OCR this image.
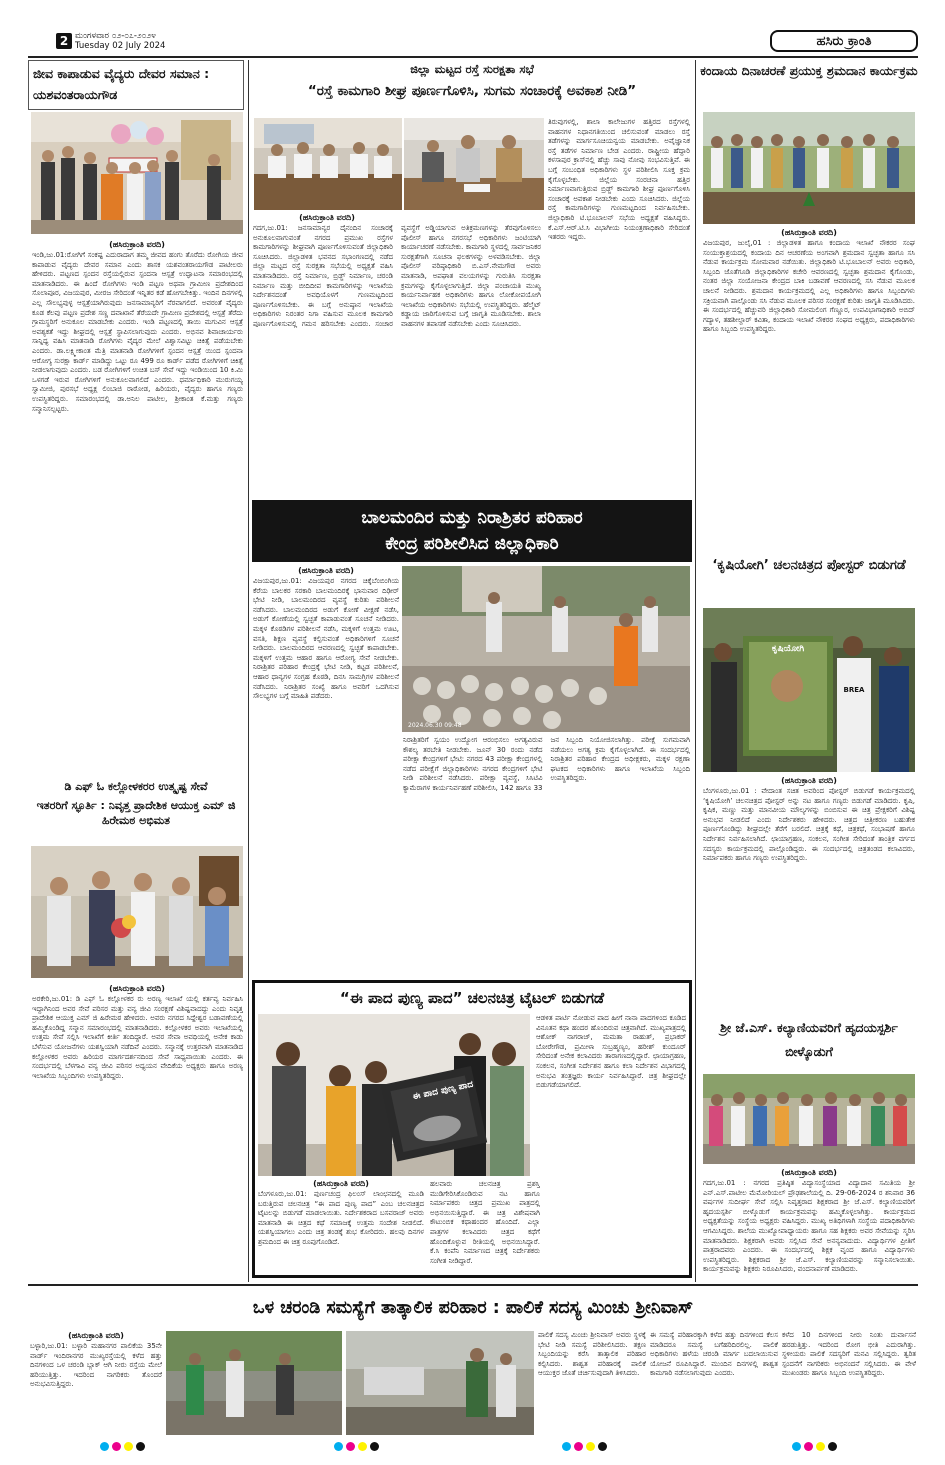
2 ಮಂಗಳವಾರ ೦೨-೦೭-೨೦೨೪
Tuesday 02 July 2024	ಹಸಿರು ಕ್ರಾಂತಿ
ಜೀವ ಕಾಪಾಡುವ ವೈದ್ಯರು ದೇವರ ಸಮಾನ : ಯಶವಂತರಾಯಗೌಡ
(ಹಸಿರುಕ್ರಾಂತಿ ವರದಿ)
ಇಂಡಿ,ಜು.01:ರೋಗಿಗೆ ಸಂಕಷ್ಟ ಎದುರಾದಾಗ ತಮ್ಮ ಜೀವದ ಹಂಗು ತೊರೆದು ರೋಗಿಯ ಜೀವ ಕಾಪಾಡುವ ವೈದ್ಯರು ದೇವರ ಸಮಾನ ಎಂದು ಶಾಸಕ ಯಶವಂತರಾಯಗೌಡ ಪಾಟೀಲರು ಹೇಳಿದರು. ಪಟ್ಟಣದ ಸ್ಪಂದನ ರಸ್ತೆಯಲ್ಲಿರುವ ಸ್ಪಂದನಾ ಆಸ್ಪತ್ರೆ ಉದ್ಘಾಟನಾ ಸಮಾರಂಭದಲ್ಲಿ ಮಾತನಾಡಿದರು. ಈ ಹಿಂದೆ ರೋಗಿಗಳು ಇಂಡಿ ಪಟ್ಟಣ ಅಥವಾ ಗ್ರಾಮೀಣ ಪ್ರದೇಶದಿಂದ ಸೊಲಾಪೂರ, ವಿಜಯಪುರ, ಮೀರಜ ಸೇರಿದಂತೆ ಇನ್ನಿತರ ಕಡೆ ಹೋಗಬೇಕಿತ್ತು. ಇಂದಿನ ದಿನಗಳಲ್ಲಿ ಎಲ್ಲ ಸೌಲಭ್ಯವುಳ್ಳ ಆಸ್ಪತ್ರೆಯಾಗಿರುವುದು ಜನಸಾಮಾನ್ಯರಿಗೆ ನೆರವಾಗಲಿದೆ. ಅವರಂತೆ ವೈದ್ಯರು ಕೂಡ ಕೆಲವು ಪಟ್ಟಣ ಪ್ರದೇಶ ಸಣ್ಣ ದವಾಖಾನೆ ತೆರೆಯದೇ ಗ್ರಾಮೀಣ ಪ್ರದೇಶದಲ್ಲಿ ಆಸ್ಪತ್ರೆ ತೆರೆದು ಗ್ರಾಮಸ್ಥರಿಗೆ ಅನುಕೂಲ ಮಾಡಬೇಕು ಎಂದರು. ಇಂಡಿ ಪಟ್ಟಣದಲ್ಲಿ ತಾಯಿ ಮಗುವಿನ ಆಸ್ಪತ್ರೆ ಅವಶ್ಯಕತೆ ಇದ್ದು ಶೀಘ್ರದಲ್ಲಿ ಆಸ್ಪತ್ರೆ ಸ್ಥಾಪಿಸಲಾಗುವುದು ಎಂದರು. ಅಭಿನವ ಶಿವಾಚಾರ್ಯರು ಸಾನ್ನಿಧ್ಯ ವಹಿಸಿ ಮಾತನಾಡಿ ರೋಗಿಗಳು ವೈದ್ಯರ ಮೇಲೆ ವಿಶ್ವಾಸವಿಟ್ಟು ಚಿಕಿತ್ಸೆ ಪಡೆಯಬೇಕು ಎಂದರು. ಡಾ.ಲಕ್ಷ್ಮೀಕಾಂತ ಮೆತ್ರಿ ಮಾತನಾಡಿ ರೋಗಿಗಳಿಗೆ ಸ್ಪಂದನ ಆಸ್ಪತ್ರೆ ಯಿಂದ ಸ್ಪಂದನಾ ಆರೋಗ್ಯ ಸುರಕ್ಷಾ ಕಾರ್ಡ್ ಮಾಡಿದ್ದು ಒಟ್ಟು ರೂ 499 ರೂ ಕಾರ್ಡ್ ಪಡೆದ ರೋಗಿಗಳಿಗೆ ಚಿಕಿತ್ಸೆ ನೀಡಲಾಗುವುದು ಎಂದರು. ಬಡ ರೋಗಿಗಳಿಗೆ ಉಚಿತ ಬಸ್ ಸೇವೆ ಇದ್ದು ಇಂಡಿಯಿಂದ 10 ಕಿ.ಮಿ ಒಳಗಡೆ ಇರುವ ರೋಗಿಗಳಿಗೆ ಅನುಕೂಲವಾಗಲಿದೆ ಎಂದರು. ಧರ್ಮಾಧಿಕಾರಿ ಮುರುಗಯ್ಯ ಸ್ವಾಮೀಜಿ, ಪುರಸಭೆ ಅಧ್ಯಕ್ಷ ಲಿಂಬಾಜಿ ರಾಠೋಡ, ಹಿರಿಯರು, ವೈದ್ಯರು ಹಾಗೂ ಗಣ್ಯರು ಉಪಸ್ಥಿತರಿದ್ದರು. ಸಮಾರಂಭದಲ್ಲಿ ಡಾ.ಅನಿಲ ಪಾಟೀಲ, ಶ್ರೀಕಾಂತ ಕೆ.ಮತ್ತು ಗಣ್ಯರು ಸನ್ಮಾನಿಸಲ್ಪಟ್ಟರು.
ಡಿ ಎಫ್ ಓ ಕಲ್ಲೋಳಕರರ ಉತ್ಕೃಷ್ಟ ಸೇವೆ
ಇತರರಿಗೆ ಸ್ಫೂರ್ತಿ : ನಿವೃತ್ತ ಪ್ರಾದೇಶಿಕ ಆಯುಕ್ತ ಎಮ್ ಜಿ ಹಿರೇಮಠ ಅಭಿಮತ
(ಹಸಿರುಕ್ರಾಂತಿ ವರದಿ)
ಅರಕೇರಿ,ಜು.01: ಡಿ ಎಫ್ ಓ ಕಲ್ಲೋಳಕರ ರು ಅರಣ್ಯ ಇಲಾಖೆ ಯಲ್ಲಿ ಕರ್ತವ್ಯ ನಿರ್ವಹಿಸಿ ಇದ್ದಾಗಿನಿಂದ ಅವರ ಸೇವೆ ಪರಿಸರ ಮತ್ತು ವನ್ಯ ಜೀವಿ ಸಂರಕ್ಷಣೆ ವಿಶಿಷ್ಟವಾದದ್ದು ಎಂದು ನಿವೃತ್ತ ಪ್ರಾದೇಶಿಕ ಆಯುಕ್ತ ಎಮ್ ಜಿ ಹಿರೇಮಠ ಹೇಳಿದರು. ಅವರು ನಗರದ ಸಿದ್ದೇಶ್ವರ ಬಡಾವಣೆಯಲ್ಲಿ ಹಮ್ಮಿಕೊಂಡಿದ್ದ ಸನ್ಮಾನ ಸಮಾರಂಭದಲ್ಲಿ ಮಾತನಾಡಿದರು. ಕಲ್ಲೋಳಕರ ಅವರು ಇಲಾಖೆಯಲ್ಲಿ ಉತ್ತಮ ಸೇವೆ ಸಲ್ಲಿಸಿ ಇಲಾಖೆಗೆ ಕೀರ್ತಿ ತಂದಿದ್ದಾರೆ. ಅವರ ಸೇವಾ ಅವಧಿಯಲ್ಲಿ ಅನೇಕ ಕಾಡು ಬೆಳೆಸುವ ಯೋಜನೆಗಳು ಯಶಸ್ವಿಯಾಗಿ ನಡೆದಿವೆ ಎಂದರು. ಸನ್ಮಾನಕ್ಕೆ ಉತ್ತರವಾಗಿ ಮಾತನಾಡಿದ ಕಲ್ಲೋಳಕರ ಅವರು ಹಿರಿಯರ ಮಾರ್ಗದರ್ಶನದಿಂದ ಸೇವೆ ಸಾಧ್ಯವಾಯಿತು ಎಂದರು. ಈ ಸಂದರ್ಭದಲ್ಲಿ ಬೆಳಗಾವಿ ವನ್ಯ ಜೀವಿ ಪರಿಸರ ಅಧ್ಯಯನ ವೇದಿಕೆಯ ಅಧ್ಯಕ್ಷರು ಹಾಗೂ ಅರಣ್ಯ ಇಲಾಖೆಯ ಸಿಬ್ಬಂದಿಗಳು ಉಪಸ್ಥಿತರಿದ್ದರು.
ಜಿಲ್ಲಾ ಮಟ್ಟದ ರಸ್ತೆ ಸುರಕ್ಷತಾ ಸಭೆ
“ರಸ್ತೆ ಕಾಮಗಾರಿ ಶೀಘ್ರ ಪೂರ್ಣಗೊಳಿಸಿ, ಸುಗಮ ಸಂಚಾರಕ್ಕೆ ಅವಕಾಶ ನೀಡಿ”
(ಹಸಿರುಕ್ರಾಂತಿ ವರದಿ)
ಗದಗ,ಜು.01: ಜನಸಾಮಾನ್ಯರ ದೈನಂದಿನ ಸಂಚಾರಕ್ಕೆ ಅನುಕೂಲವಾಗುವಂತೆ ನಗರದ ಪ್ರಮುಖ ರಸ್ತೆಗಳ ಕಾಮಗಾರಿಗಳನ್ನು ಶೀಘ್ರವಾಗಿ ಪೂರ್ಣಗೊಳಿಸುವಂತೆ ಜಿಲ್ಲಾಧಿಕಾರಿ ಸೂಚಿಸಿದರು. ಜಿಲ್ಲಾಡಳಿತ ಭವನದ ಸಭಾಂಗಣದಲ್ಲಿ ನಡೆದ ಜಿಲ್ಲಾ ಮಟ್ಟದ ರಸ್ತೆ ಸುರಕ್ಷತಾ ಸಭೆಯಲ್ಲಿ ಅಧ್ಯಕ್ಷತೆ ವಹಿಸಿ ಮಾತನಾಡಿದರು. ರಸ್ತೆ ನಿರ್ಮಾಣ, ಬ್ರಿಡ್ಜ್ ನಿರ್ಮಾಣ, ಚರಂಡಿ ನಿರ್ಮಾಣ ಮತ್ತು ಬೀದಿದೀಪ ಕಾಮಗಾರಿಗಳನ್ನು ಇಲಾಖೆಯ ನಿರ್ದೇಶನದಂತೆ ಅವಧಿಯೊಳಗೆ ಗುಣಮಟ್ಟದಿಂದ ಪೂರ್ಣಗೊಳಿಸಬೇಕು. ಈ ಬಗ್ಗೆ ಅನುಷ್ಠಾನ ಇಲಾಖೆಯ ಅಧಿಕಾರಿಗಳು ನಿರಂತರ ನಿಗಾ ವಹಿಸುವ ಮೂಲಕ ಕಾಮಗಾರಿ ಪೂರ್ಣಗೊಳಿಸುವಲ್ಲಿ ಗಮನ ಹರಿಸಬೇಕು ಎಂದರು. ಸಂಚಾರ ವ್ಯವಸ್ಥೆಗೆ ಅಡ್ಡಿಯಾಗುವ ಅತಿಕ್ರಮಣಗಳನ್ನು ತೆರವುಗೊಳಿಸಲು ಪೊಲೀಸ್ ಹಾಗೂ ನಗರಸಭೆ ಅಧಿಕಾರಿಗಳು ಜಂಟಿಯಾಗಿ ಕಾರ್ಯಾಚರಣೆ ನಡೆಸಬೇಕು. ಕಾಮಗಾರಿ ಸ್ಥಳದಲ್ಲಿ ಸಾರ್ವಜನಿಕರ ಸುರಕ್ಷತೆಗಾಗಿ ಸೂಚನಾ ಫಲಕಗಳನ್ನು ಅಳವಡಿಸಬೇಕು. ಜಿಲ್ಲಾ ಪೊಲೀಸ್ ವರಿಷ್ಠಾಧಿಕಾರಿ ಬಿ.ಎಸ್.ನೇಮಗೌಡ ಅವರು ಮಾತನಾಡಿ, ಅಪಘಾತ ವಲಯಗಳನ್ನು ಗುರುತಿಸಿ ಸುರಕ್ಷತಾ ಕ್ರಮಗಳನ್ನು ಕೈಗೊಳ್ಳಲಾಗುತ್ತಿದೆ. ಜಿಲ್ಲಾ ಪಂಚಾಯತಿ ಮುಖ್ಯ ಕಾರ್ಯನಿರ್ವಾಹಕ ಅಧಿಕಾರಿಗಳು ಹಾಗೂ ಲೋಕೋಪಯೋಗಿ ಇಲಾಖೆಯ ಅಧಿಕಾರಿಗಳು ಸಭೆಯಲ್ಲಿ ಉಪಸ್ಥಿತರಿದ್ದರು. ಹೆಲ್ಮೆಟ್ ಕಡ್ಡಾಯ ಜಾರಿಗೊಳಿಸುವ ಬಗ್ಗೆ ಜಾಗೃತಿ ಮೂಡಿಸಬೇಕು. ಶಾಲಾ ವಾಹನಗಳ ತಪಾಸಣೆ ನಡೆಸಬೇಕು ಎಂದು ಸೂಚಿಸಿದರು.
ತಿರುವುಗಳಲ್ಲಿ, ಶಾಲಾ ಕಾಲೇಜುಗಳ ಹತ್ತಿರದ ರಸ್ತೆಗಳಲ್ಲಿ ವಾಹನಗಳ ನಿಧಾನಗತಿಯಿಂದ ಚಲಿಸುವಂತೆ ಮಾಡಲು ರಸ್ತೆ ತಡೆಗಳನ್ನು ಮಾರ್ಗಸೂಚಿಯನ್ವಯ ಮಾಡಬೇಕು. ಅವೈಜ್ಞಾನಿಕ ರಸ್ತೆ ತಡೆಗಳ ನಿರ್ಮಾಣ ಬೇಡ ಎಂದರು. ರಾಷ್ಟ್ರೀಯ ಹೆದ್ದಾರಿ ಕಳಸಾಪುರ ಕ್ರಾಸ್‌ನಲ್ಲಿ ಹೆಚ್ಚು ಸಾವು ನೋವು ಸಂಭವಿಸುತ್ತಿವೆ. ಈ ಬಗ್ಗೆ ಸಂಬಂಧಿತ ಅಧಿಕಾರಿಗಳು ಸ್ಥಳ ಪರಿಶೀಲಿಸಿ ಸೂಕ್ತ ಕ್ರಮ ಕೈಗೊಳ್ಳಬೇಕು. ಜಿಲ್ಲೆಯ ಸಂರಚನಾ ಹತ್ತಿರ ನಿರ್ಮಾಣವಾಗುತ್ತಿರುವ ಬ್ರಿಡ್ಜ್ ಕಾಮಗಾರಿ ಶೀಘ್ರ ಪೂರ್ಣಗೊಳಿಸಿ ಸಂಚಾರಕ್ಕೆ ಅವಕಾಶ ನೀಡಬೇಕು ಎಂದು ಸೂಚಿಸಿದರು. ಜಿಲ್ಲೆಯ ರಸ್ತೆ ಕಾಮಗಾರಿಗಳನ್ನು ಗುಣಮಟ್ಟದಿಂದ ನಿರ್ವಹಿಸಬೇಕು. ಜಿಲ್ಲಾಧಿಕಾರಿ ಟಿ.ಭೂಬಾಲನ್ ಸಭೆಯ ಅಧ್ಯಕ್ಷತೆ ವಹಿಸಿದ್ದರು. ಕೆ.ಎಸ್.ಆರ್.ಟಿ.ಸಿ ವಿಭಾಗೀಯ ನಿಯಂತ್ರಣಾಧಿಕಾರಿ ಸೇರಿದಂತೆ ಇತರರು ಇದ್ದರು.
ಬಾಲಮಂದಿರ ಮತ್ತು ನಿರಾಶ್ರಿತರ ಪರಿಹಾರ
ಕೇಂದ್ರ ಪರಿಶೀಲಿಸಿದ ಜಿಲ್ಲಾಧಿಕಾರಿ
(ಹಸಿರುಕ್ರಾಂತಿ ವರದಿ)
2024.06.30 09:48
ವಿಜಯಪುರ,ಜು.01: ವಿಜಯಪುರ ನಗರದ ಚಿಕ್ಕೆಬೆಂಬಿಂಗಿಯ ಕೆರೆಯ ಬಾಲಕರ ಸರಕಾರಿ ಬಾಲಮಂದಿರಕ್ಕೆ ಭಾನುವಾರ ದಿಢೀರ್ ಭೇಟಿ ನೀಡಿ, ಬಾಲಮಂದಿರದ ವ್ಯವಸ್ಥೆ ಕುರಿತು ಪರಿಶೀಲನೆ ನಡೆಸಿದರು. ಬಾಲಮಂದಿರದ ಅಡುಗೆ ಕೋಣೆ ವೀಕ್ಷಣೆ ನಡೆಸಿ, ಅಡುಗೆ ಕೋಣೆಯಲ್ಲಿ ಸ್ವಚ್ಛತೆ ಕಾಪಾಡುವಂತೆ ಸೂಚನೆ ನೀಡಿದರು. ಮಕ್ಕಳ ಕೊಠಡಿಗಳ ಪರಿಶೀಲನೆ ನಡೆಸಿ, ಮಕ್ಕಳಿಗೆ ಉತ್ತಮ ಊಟ, ವಸತಿ, ಶಿಕ್ಷಣ ವ್ಯವಸ್ಥೆ ಕಲ್ಪಿಸುವಂತೆ ಅಧಿಕಾರಿಗಳಿಗೆ ಸೂಚನೆ ನೀಡಿದರು. ಬಾಲಮಂದಿರದ ಆವರಣದಲ್ಲಿ ಸ್ವಚ್ಛತೆ ಕಾಪಾಡಬೇಕು. ಮಕ್ಕಳಿಗೆ ಉತ್ತಮ ಆಹಾರ ಹಾಗೂ ಆರೋಗ್ಯ ಸೇವೆ ನೀಡಬೇಕು. ನಿರಾಶ್ರಿತರ ಪರಿಹಾರ ಕೇಂದ್ರಕ್ಕೆ ಭೇಟಿ ನೀಡಿ, ಕಟ್ಟಡ ಪರಿಶೀಲನೆ, ಆಹಾರ ಧಾನ್ಯಗಳ ಸಂಗ್ರಹ ಕೊಠಡಿ, ದಿನಸಿ ಸಾಮಗ್ರಿಗಳ ಪರಿಶೀಲನೆ ನಡೆಸಿದರು. ನಿರಾಶ್ರಿತರ ಸಂಖ್ಯೆ ಹಾಗೂ ಅವರಿಗೆ ಒದಗಿಸುವ ಸೌಲಭ್ಯಗಳ ಬಗ್ಗೆ ಮಾಹಿತಿ ಪಡೆದರು.
ನಿರಾಶ್ರಿತರಿಗೆ ಸ್ವಯಂ ಉದ್ಯೋಗ ಆರಂಭಿಸಲು ಅಗತ್ಯವಿರುವ ಕೌಶಲ್ಯ ತರಬೇತಿ ನೀಡಬೇಕು. ಜೂನ್ 30 ರಂದು ನಡೆದ ಪರೀಕ್ಷಾ ಕೇಂದ್ರಗಳಿಗೆ ಭೇಟಿ: ನಗರದ 43 ಪರೀಕ್ಷಾ ಕೇಂದ್ರಗಳಲ್ಲಿ ನಡೆದ ಪರೀಕ್ಷೆಗೆ ಜಿಲ್ಲಾಧಿಕಾರಿಗಳು ನಗರದ ಕೇಂದ್ರಗಳಿಗೆ ಭೇಟಿ ನೀಡಿ ಪರಿಶೀಲನೆ ನಡೆಸಿದರು. ಪರೀಕ್ಷಾ ವ್ಯವಸ್ಥೆ, ಸಿಸಿಟಿವಿ ಕ್ಯಾಮೆರಾಗಳ ಕಾರ್ಯನಿರ್ವಹಣೆ ಪರಿಶೀಲಿಸಿ, 142 ಹಾಗೂ 33 ಜನ ಸಿಬ್ಬಂದಿ ನಿಯೋಜಿಸಲಾಗಿತ್ತು. ಪರೀಕ್ಷೆ ಸುಗಮವಾಗಿ ನಡೆಯಲು ಅಗತ್ಯ ಕ್ರಮ ಕೈಗೊಳ್ಳಲಾಗಿದೆ. ಈ ಸಂದರ್ಭದಲ್ಲಿ ನಿರಾಶ್ರಿತರ ಪರಿಹಾರ ಕೇಂದ್ರದ ಅಧೀಕ್ಷಕರು, ಮಕ್ಕಳ ರಕ್ಷಣಾ ಘಟಕದ ಅಧಿಕಾರಿಗಳು ಹಾಗೂ ಇಲಾಖೆಯ ಸಿಬ್ಬಂದಿ ಉಪಸ್ಥಿತರಿದ್ದರು.
“ಈ ಪಾದ ಪುಣ್ಯ ಪಾದ” ಚಲನಚಿತ್ರ ಟೈಟಲ್ ಬಿಡುಗಡೆ
ಈ ಪಾದ ಪುಣ್ಯ ಪಾದ
(ಹಸಿರುಕ್ರಾಂತಿ ವರದಿ)
ಬೆಂಗಳೂರು,ಜು.01: ಪುರ್ಣಚಂದ್ರ ಫಿಲಂಸ್ ಲಾಂಛನದಲ್ಲಿ ಮೂಡಿ ಬರುತ್ತಿರುವ ಚಲನಚಿತ್ರ “ಈ ಪಾದ ಪುಣ್ಯ ಪಾದ” ಎಂಬ ಚಲನಚಿತ್ರದ ಟೈಟಲನ್ನು ಬಿಡುಗಡೆ ಮಾಡಲಾಯಿತು. ನಿರ್ದೇಶಕರಾದ ಬಸವರಾಜ್ ಅವರು ಮಾತನಾಡಿ ಈ ಚಿತ್ರದ ಕಥೆ ಸಮಾಜಕ್ಕೆ ಉತ್ತಮ ಸಂದೇಶ ನೀಡಲಿದೆ. ಯಶಸ್ವಿಯಾಗಲು ಎಂದು ಚಿತ್ರ ತಂಡಕ್ಕೆ ಶುಭ ಕೋರಿದರು. ಹಲವು ದಿನಗಳ ಶ್ರಮದಿಂದ ಈ ಚಿತ್ರ ರೂಪುಗೊಂಡಿದೆ.
ಹಲವಾರು ಚಲನಚಿತ್ರ ಪ್ರಶಸ್ತಿ ಮುಡಿಗೇರಿಸಿಕೊಂಡಿರುವ ನಟ ಹಾಗೂ ನಿರ್ಮಾಪಕರು ಚಿತ್ರದ ಪ್ರಮುಖ ಪಾತ್ರದಲ್ಲಿ ಅಭಿನಯಿಸುತ್ತಿದ್ದಾರೆ. ಈ ಚಿತ್ರ ವಿಶೇಷವಾಗಿ ಕೌಟುಂಬಿಕ ಕಥಾಹಂದರ ಹೊಂದಿದೆ. ಎಲ್ಲಾ ಪಾತ್ರಗಳ ಕಲಾವಿದರು ಚಿತ್ರದ ಕಥೆಗೆ ಹೊಂದಿಕೊಳ್ಳುವ ರೀತಿಯಲ್ಲಿ ಅಭಿನಯಿಸಿದ್ದಾರೆ. ಕೆ.ಸಿ ಕಂಪೆನಿ ನಿರ್ಮಾಣದ ಚಿತ್ರಕ್ಕೆ ನಿರ್ದೇಶಕರು ಸಂಗೀತ ನೀಡಿದ್ದಾರೆ.
ಆಡಳಿತ ಪಾರ್ಟಿ ನೋಡುವ ಪಾದ ಹೀಗೆ ನಾನಾ ಪಾದಗಳಿಂದ ಕೂಡಿದ ವಿನೂತನ ಕಥಾ ಹಂದರ ಹೊಂದಿರುವ ಚಿತ್ರವಾಗಿದೆ. ಮುಖ್ಯಪಾತ್ರದಲ್ಲಿ ಆಶೋಕ್ ನಾಗರಾಜ್, ಮಮತಾ ರಾಹುತ್, ಪ್ರಭಾಕರ್ ಬೋರೇಗೌಡ, ಪ್ರಮೀಳಾ ಸುಬ್ರಹ್ಮಣ್ಯಂ, ಹರೀಶ್ ಕುಂದೂರ್ ಸೇರಿದಂತೆ ಅನೇಕ ಕಲಾವಿದರು ತಾರಾಗಣದಲ್ಲಿದ್ದಾರೆ. ಛಾಯಾಗ್ರಹಣ, ಸಂಕಲನ, ಸಂಗೀತ ನಿರ್ದೇಶನ ಹಾಗೂ ಕಲಾ ನಿರ್ದೇಶನ ವಿಭಾಗದಲ್ಲಿ ಅನುಭವಿ ತಂತ್ರಜ್ಞರು ಕಾರ್ಯ ನಿರ್ವಹಿಸಿದ್ದಾರೆ. ಚಿತ್ರ ಶೀಘ್ರದಲ್ಲೇ ಬಿಡುಗಡೆಯಾಗಲಿದೆ.
ಕಂದಾಯ ದಿನಾಚರಣೆ ಪ್ರಯುಕ್ತ ಶ್ರಮದಾನ ಕಾರ್ಯಕ್ರಮ
(ಹಸಿರುಕ್ರಾಂತಿ ವರದಿ)
ವಿಜಯಪುರ, ಜುಲೈ,01 : ಜಿಲ್ಲಾಡಳಿತ ಹಾಗೂ ಕಂದಾಯ ಇಲಾಖೆ ನೌಕರರ ಸಂಘ ಸಂಯುಕ್ತಾಶ್ರಯದಲ್ಲಿ ಕಂದಾಯ ದಿನ ಆಚರಣೆಯ ಅಂಗವಾಗಿ ಶ್ರಮದಾನ ಸ್ವಚ್ಛತಾ ಹಾಗೂ ಸಸಿ ನೆಡುವ ಕಾರ್ಯಕ್ರಮ ಸೋಮವಾರ ನಡೆಯಿತು. ಜಿಲ್ಲಾಧಿಕಾರಿ ಟಿ.ಭೂಬಾಲನ್ ಅವರು ಅಧಿಕಾರಿ, ಸಿಬ್ಬಂದಿ ಜೊತೆಗೂಡಿ ಜಿಲ್ಲಾಧಿಕಾರಿಗಳ ಕಚೇರಿ ಆವರಣದಲ್ಲಿ ಸ್ವಚ್ಛತಾ ಶ್ರಮದಾನ ಕೈಗೊಂಡು, ನಂತರ ಜಿಲ್ಲಾ ಸಂಯೋಜನಾ ಕೇಂದ್ರದ ಬಾಕಿ ಬಡಾವಣೆ ಆವರಣದಲ್ಲಿ ಸಸಿ ನೆಡುವ ಮೂಲಕ ಚಾಲನೆ ನೀಡಿದರು. ಶ್ರಮದಾನ ಕಾರ್ಯಕ್ರಮದಲ್ಲಿ ಎಲ್ಲ ಅಧಿಕಾರಿಗಳು ಹಾಗೂ ಸಿಬ್ಬಂದಿಗಳು ಸಕ್ರಿಯವಾಗಿ ಪಾಲ್ಗೊಂಡು ಸಸಿ ನೆಡುವ ಮೂಲಕ ಪರಿಸರ ಸಂರಕ್ಷಣೆ ಕುರಿತು ಜಾಗೃತಿ ಮೂಡಿಸಿದರು. ಈ ಸಂದರ್ಭದಲ್ಲಿ ಹೆಚ್ಚುವರಿ ಜಿಲ್ಲಾಧಿಕಾರಿ ಸೋಮಲಿಂಗ ಗೆಣ್ಣೂರ, ಉಪವಿಭಾಗಾಧಿಕಾರಿ ಅಬಿದ್ ಗದ್ಯಾಳ, ತಹಶೀಲ್ದಾರ್ ಕವಿತಾ, ಕಂದಾಯ ಇಲಾಖೆ ನೌಕರರ ಸಂಘದ ಅಧ್ಯಕ್ಷರು, ಪದಾಧಿಕಾರಿಗಳು ಹಾಗೂ ಸಿಬ್ಬಂದಿ ಉಪಸ್ಥಿತರಿದ್ದರು.
‘ಕೃಷಿಯೋಗಿ’ ಚಲನಚಿತ್ರದ ಪೋಸ್ಟರ್ ಬಿಡುಗಡೆ
ಕೃಷಿಯೋಗಿ
BREA
(ಹಸಿರುಕ್ರಾಂತಿ ವರದಿ)
ಬೆಂಗಳೂರು,ಜು.01 : ವೇದಾಂತ ಸಚಿತ ಅವರಿಂದ ಪೋಸ್ಟರ್ ಬಿಡುಗಡೆ ಕಾರ್ಯಕ್ರಮದಲ್ಲಿ ‘ಕೃಷಿಯೋಗಿ’ ಚಲನಚಿತ್ರದ ಪೋಸ್ಟರ್ ಅನ್ನು ನಟ ಹಾಗೂ ಗಣ್ಯರು ಬಿಡುಗಡೆ ಮಾಡಿದರು. ಕೃಷಿ, ಕೃಷಿಕ, ಮಣ್ಣು ಮತ್ತು ಮಾನವೀಯ ಮೌಲ್ಯಗಳನ್ನು ಬಿಂಬಿಸುವ ಈ ಚಿತ್ರ ಪ್ರೇಕ್ಷಕರಿಗೆ ವಿಶಿಷ್ಟ ಅನುಭವ ನೀಡಲಿದೆ ಎಂದು ನಿರ್ದೇಶಕರು ಹೇಳಿದರು. ಚಿತ್ರದ ಚಿತ್ರೀಕರಣ ಬಹುತೇಕ ಪೂರ್ಣಗೊಂಡಿದ್ದು ಶೀಘ್ರದಲ್ಲೇ ತೆರೆಗೆ ಬರಲಿದೆ. ಚಿತ್ರಕ್ಕೆ ಕಥೆ, ಚಿತ್ರಕಥೆ, ಸಂಭಾಷಣೆ ಹಾಗೂ ನಿರ್ದೇಶನ ನಿರ್ವಹಿಸಲಾಗಿದೆ. ಛಾಯಾಗ್ರಹಣ, ಸಂಕಲನ, ಸಂಗೀತ ಸೇರಿದಂತೆ ತಾಂತ್ರಿಕ ವರ್ಗದ ಸದಸ್ಯರು ಕಾರ್ಯಕ್ರಮದಲ್ಲಿ ಪಾಲ್ಗೊಂಡಿದ್ದರು. ಈ ಸಂದರ್ಭದಲ್ಲಿ ಚಿತ್ರತಂಡದ ಕಲಾವಿದರು, ನಿರ್ಮಾಪಕರು ಹಾಗೂ ಗಣ್ಯರು ಉಪಸ್ಥಿತರಿದ್ದರು.
ಶ್ರೀ ಜೆ.ಎಸ್. ಕಲ್ಯಾಣಿಯವರಿಗೆ ಹೃದಯಸ್ಪರ್ಶಿ ಬೀಳ್ಕೊಡುಗೆ
(ಹಸಿರುಕ್ರಾಂತಿ ವರದಿ)
ಗದಗ,ಜು.01 : ನಗರದ ಪ್ರತಿಷ್ಠಿತ ವಿದ್ಯಾಸಂಸ್ಥೆಯಾದ ವಿದ್ಯಾದಾನ ಸಮಿತಿಯ ಶ್ರೀ ಎನ್.ಎಸ್.ಪಾಟೀಲ ಮೆಮೋರಿಯಲ್ ಪ್ರೌಢಶಾಲೆಯಲ್ಲಿ ದಿ. 29-06-2024 ರ ಶನಿವಾರ 36 ವರ್ಷಗಳ ಸುದೀರ್ಘ ಸೇವೆ ಸಲ್ಲಿಸಿ ನಿವೃತ್ತರಾದ ಶಿಕ್ಷಕರಾದ ಶ್ರೀ ಜೆ.ಎಸ್. ಕಲ್ಯಾಣಿಯವರಿಗೆ ಹೃದಯಸ್ಪರ್ಶಿ ಬೀಳ್ಕೊಡುಗೆ ಕಾರ್ಯಕ್ರಮವನ್ನು ಹಮ್ಮಿಕೊಳ್ಳಲಾಗಿತ್ತು. ಕಾರ್ಯಕ್ರಮದ ಅಧ್ಯಕ್ಷತೆಯನ್ನು ಸಂಸ್ಥೆಯ ಅಧ್ಯಕ್ಷರು ವಹಿಸಿದ್ದರು. ಮುಖ್ಯ ಅತಿಥಿಗಳಾಗಿ ಸಂಸ್ಥೆಯ ಪದಾಧಿಕಾರಿಗಳು ಆಗಮಿಸಿದ್ದರು. ಶಾಲೆಯ ಮುಖ್ಯೋಪಾಧ್ಯಾಯರು ಹಾಗೂ ಸಹ ಶಿಕ್ಷಕರು ಅವರ ಸೇವೆಯನ್ನು ಸ್ಮರಿಸಿ ಮಾತನಾಡಿದರು. ಶಿಕ್ಷಕರಾಗಿ ಅವರು ಸಲ್ಲಿಸಿದ ಸೇವೆ ಅನನ್ಯವಾದುದು. ವಿದ್ಯಾರ್ಥಿಗಳ ಪ್ರೀತಿಗೆ ಪಾತ್ರರಾದವರು ಎಂದರು. ಈ ಸಂದರ್ಭದಲ್ಲಿ ಶಿಕ್ಷಕ ವೃಂದ ಹಾಗೂ ವಿದ್ಯಾರ್ಥಿಗಳು ಉಪಸ್ಥಿತರಿದ್ದರು. ಶಿಕ್ಷಕರಾದ ಶ್ರೀ ಜೆ.ಎಸ್. ಕಲ್ಯಾಣಿಯವರನ್ನು ಸನ್ಮಾನಿಸಲಾಯಿತು. ಕಾರ್ಯಕ್ರಮವನ್ನು ಶಿಕ್ಷಕರು ನಿರೂಪಿಸಿದರು, ವಂದನಾರ್ಪಣೆ ಮಾಡಿದರು.
ಒಳ ಚರಂಡಿ ಸಮಸ್ಯೆಗೆ ತಾತ್ಕಾಲಿಕ ಪರಿಹಾರ : ಪಾಲಿಕೆ ಸದಸ್ಯ ಮಿಂಚು ಶ್ರೀನಿವಾಸ್
(ಹಸಿರುಕ್ರಾಂತಿ ವರದಿ)
ಬಳ್ಳಾರಿ,ಜು.01: ಬಳ್ಳಾರಿ ಮಹಾನಗರ ಪಾಲಿಕೆಯ 35ನೇ ವಾರ್ಡ್ ಇಂದಿರಾನಗರ ಮುಖ್ಯರಸ್ತೆಯಲ್ಲಿ ಕಳೆದ ಹತ್ತು ದಿನಗಳಿಂದ ಒಳ ಚರಂಡಿ ಬ್ಲಾಕ್ ಆಗಿ ನೀರು ರಸ್ತೆಯ ಮೇಲೆ ಹರಿಯುತ್ತಿತ್ತು. ಇದರಿಂದ ನಾಗರಿಕರು ತೊಂದರೆ ಅನುಭವಿಸುತ್ತಿದ್ದರು.
ಪಾಲಿಕೆ ಸದಸ್ಯ ಮಿಂಚು ಶ್ರೀನಿವಾಸ್ ಅವರು ಸ್ಥಳಕ್ಕೆ ಭೇಟಿ ನೀಡಿ ಸಮಸ್ಯೆ ಪರಿಶೀಲಿಸಿದರು. ತಕ್ಷಣ ಸಿಬ್ಬಂದಿಯನ್ನು ಕರೆಸಿ ತಾತ್ಕಾಲಿಕ ಪರಿಹಾರ ಕಲ್ಪಿಸಿದರು. ಶಾಶ್ವತ ಪರಿಹಾರಕ್ಕೆ ಪಾಲಿಕೆ ಆಯುಕ್ತರ ಜೊತೆ ಚರ್ಚಿಸುವುದಾಗಿ ತಿಳಿಸಿದರು.
ಈ ಸಮಸ್ಯೆ ಪರಿಹಾರಕ್ಕಾಗಿ ಕಳೆದ ಹತ್ತು ದಿನಗಳಿಂದ ಕೆಲಸ ಮಾಡಿದರೂ ಸಮಸ್ಯೆ ಬಗೆಹರಿದಿರಲಿಲ್ಲ. ಪಾಲಿಕೆ ಅಧಿಕಾರಿಗಳು ಹಳೆಯ ಚರಂಡಿ ಮಾರ್ಗ ಬದಲಾಯಿಸುವ ಯೋಜನೆ ರೂಪಿಸಿದ್ದಾರೆ. ಮುಂದಿನ ದಿನಗಳಲ್ಲಿ ಶಾಶ್ವತ ಕಾಮಗಾರಿ ನಡೆಸಲಾಗುವುದು ಎಂದರು.
ಕಳೆದ 10 ದಿನಗಳಿಂದ ನೀರು ನಿಂತು ದುರ್ವಾಸನೆ ಹರಡುತ್ತಿತ್ತು. ಇದರಿಂದ ರೋಗ ಭೀತಿ ಎದುರಾಗಿತ್ತು. ಸ್ಥಳೀಯರು ಪಾಲಿಕೆ ಸದಸ್ಯರಿಗೆ ಮನವಿ ಸಲ್ಲಿಸಿದ್ದರು. ತ್ವರಿತ ಸ್ಪಂದನೆಗೆ ನಾಗರಿಕರು ಅಭಿನಂದನೆ ಸಲ್ಲಿಸಿದರು. ಈ ವೇಳೆ ಮುಖಂಡರು ಹಾಗೂ ಸಿಬ್ಬಂದಿ ಉಪಸ್ಥಿತರಿದ್ದರು.
